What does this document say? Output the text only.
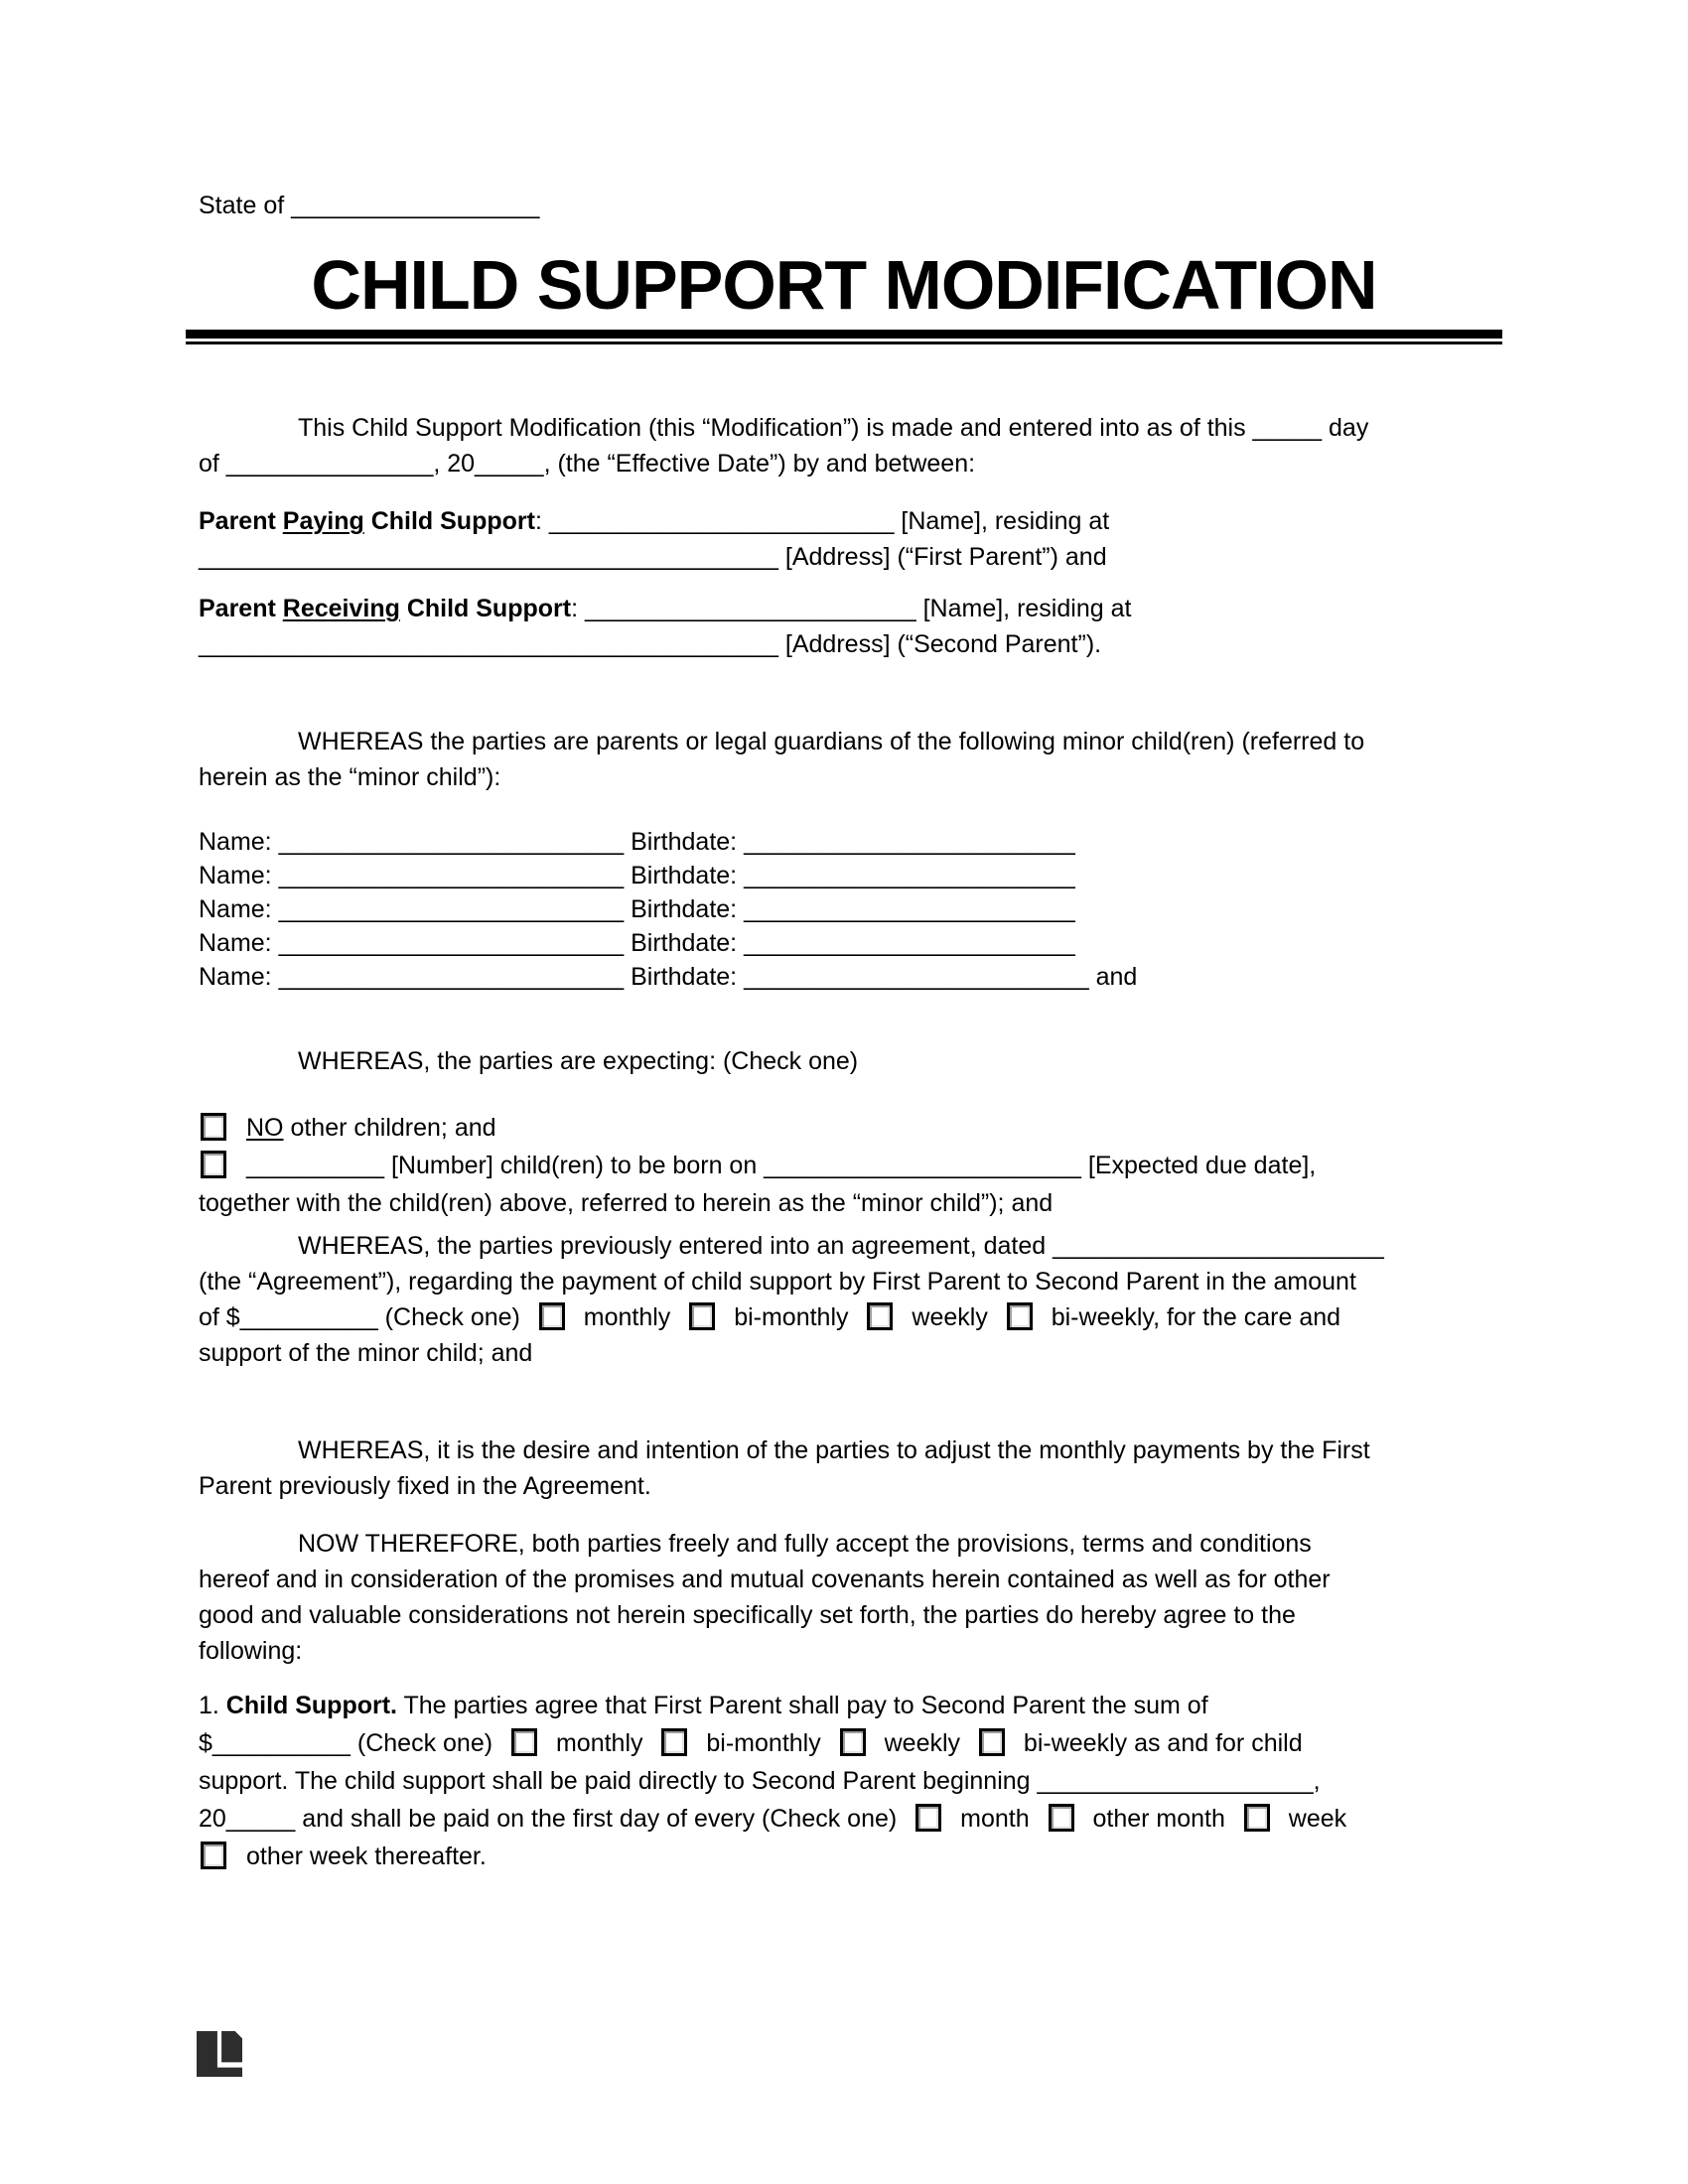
State of __________________
CHILD SUPPORT MODIFICATION
This Child Support Modification (this “Modification”) is made and entered into as of this _____ day
of _______________, 20_____, (the “Effective Date”) by and between:
Parent Paying Child Support: _________________________ [Name], residing at
__________________________________________ [Address] (“First Parent”) and
Parent Receiving Child Support: ________________________ [Name], residing at
__________________________________________ [Address] (“Second Parent”).
WHEREAS the parties are parents or legal guardians of the following minor child(ren) (referred to
herein as the “minor child”):
Name: _________________________ Birthdate: ________________________
Name: _________________________ Birthdate: ________________________
Name: _________________________ Birthdate: ________________________
Name: _________________________ Birthdate: ________________________
Name: _________________________ Birthdate: _________________________ and
WHEREAS, the parties are expecting: (Check one)
NO other children; and
__________ [Number] child(ren) to be born on _______________________ [Expected due date],
together with the child(ren) above, referred to herein as the “minor child”); and
WHEREAS, the parties previously entered into an agreement, dated ________________________
(the “Agreement”), regarding the payment of child support by First Parent to Second Parent in the amount
of $__________ (Check one)  monthly  bi-monthly  weekly  bi-weekly, for the care and
support of the minor child; and
WHEREAS, it is the desire and intention of the parties to adjust the monthly payments by the First
Parent previously fixed in the Agreement.
NOW THEREFORE, both parties freely and fully accept the provisions, terms and conditions
hereof and in consideration of the promises and mutual covenants herein contained as well as for other
good and valuable considerations not herein specifically set forth, the parties do hereby agree to the
following:
1. Child Support. The parties agree that First Parent shall pay to Second Parent the sum of
$__________ (Check one)  monthly  bi-monthly  weekly  bi-weekly as and for child
support. The child support shall be paid directly to Second Parent beginning ____________________,
20_____ and shall be paid on the first day of every (Check one)  month  other month  week
other week thereafter.
